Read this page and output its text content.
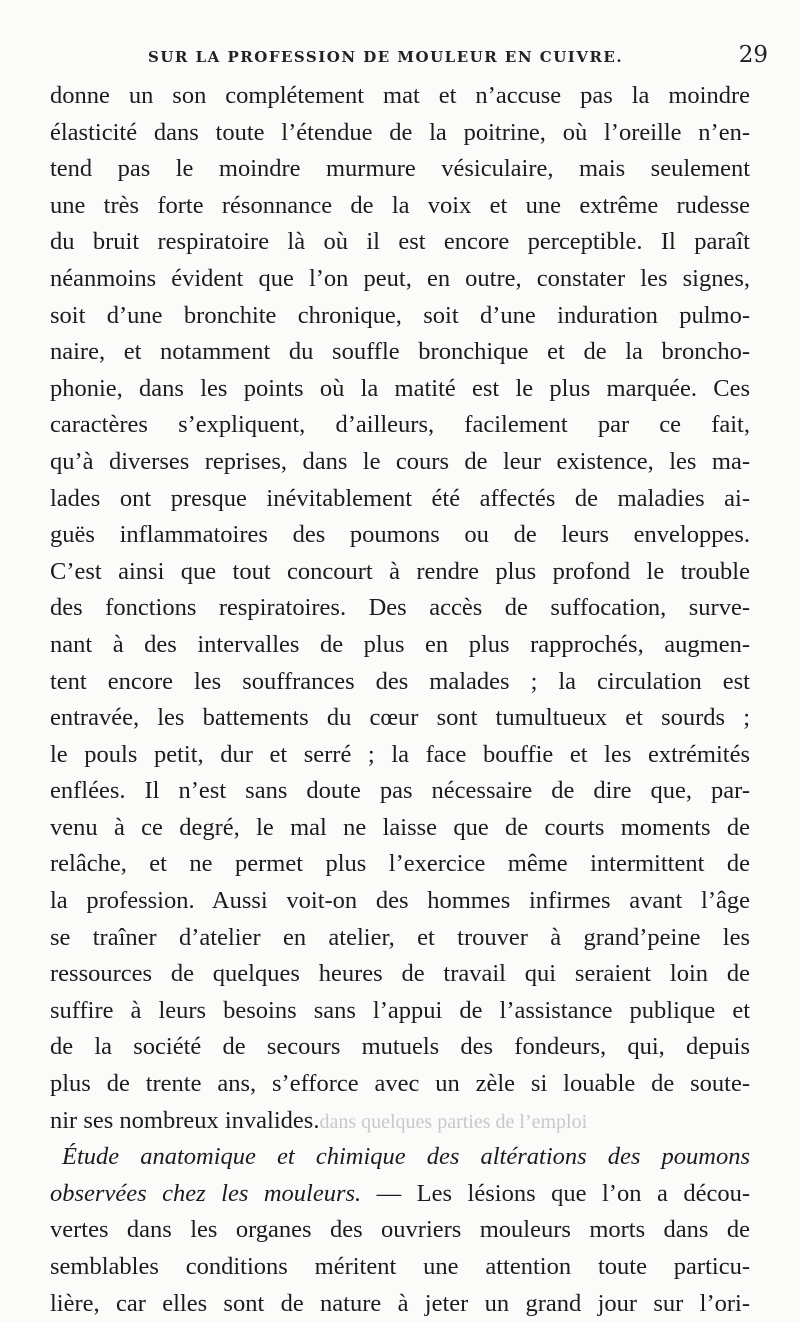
SUR LA PROFESSION DE MOULEUR EN CUIVRE.	29
donne un son complétement mat et n’accuse pas la moindre
élasticité dans toute l’étendue de la poitrine, où l’oreille n’en-
tend pas le moindre murmure vésiculaire, mais seulement
une très forte résonnance de la voix et une extrême rudesse
du bruit respiratoire là où il est encore perceptible. Il paraît
néanmoins évident que l’on peut, en outre, constater les signes,
soit d’une bronchite chronique, soit d’une induration pulmo-
naire, et notamment du souffle bronchique et de la broncho-
phonie, dans les points où la matité est le plus marquée. Ces
caractères s’expliquent, d’ailleurs, facilement par ce fait,
qu’à diverses reprises, dans le cours de leur existence, les ma-
lades ont presque inévitablement été affectés de maladies ai-
guës inflammatoires des poumons ou de leurs enveloppes.
C’est ainsi que tout concourt à rendre plus profond le trouble
des fonctions respiratoires. Des accès de suffocation, surve-
nant à des intervalles de plus en plus rapprochés, augmen-
tent encore les souffrances des malades ; la circulation est
entravée, les battements du cœur sont tumultueux et sourds ;
le pouls petit, dur et serré ; la face bouffie et les extrémités
enflées. Il n’est sans doute pas nécessaire de dire que, par-
venu à ce degré, le mal ne laisse que de courts moments de
relâche, et ne permet plus l’exercice même intermittent de
la profession. Aussi voit-on des hommes infirmes avant l’âge
se traîner d’atelier en atelier, et trouver à grand’peine les
ressources de quelques heures de travail qui seraient loin de
suffire à leurs besoins sans l’appui de l’assistance publique et
de la société de secours mutuels des fondeurs, qui, depuis
plus de trente ans, s’efforce avec un zèle si louable de soute-
nir ses nombreux invalides.dans quelques parties de l’emploi
Étude anatomique et chimique des altérations des poumons
observées chez les mouleurs. — Les lésions que l’on a décou-
vertes dans les organes des ouvriers mouleurs morts dans de
semblables conditions méritent une attention toute particu-
lière, car elles sont de nature à jeter un grand jour sur l’ori-
